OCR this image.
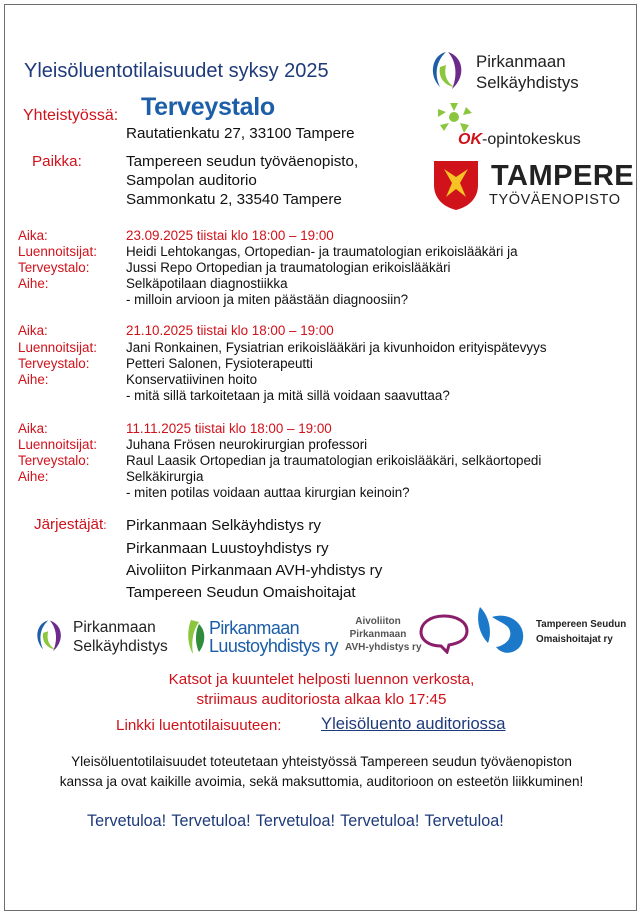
Yleisöluentotilaisuudet syksy 2025	Pirkanmaan
Selkäyhdistys
Yhteistyössä: Terveystalo
Rautatienkatu 27, 33100 Tampere	OK-opintokeskus
TAMPERE
TYÖVÄENOPISTO
Paikka:	Tampereen seudun työväenopisto,
Sampolan auditorio
Sammonkatu 2, 33540 Tampere
Aika:	23.09.2025 tiistai klo 18:00 – 19:00
Luennoitsijat: Heidi Lehtokangas, Ortopedian- ja traumatologian erikoislääkäri ja
Terveystalo:	Jussi Repo Ortopedian ja traumatologian erikoislääkäri
Aihe:	Selkäpotilaan diagnostiikka
- milloin arvioon ja miten päästään diagnoosiin?
Aika:	21.10.2025 tiistai klo 18:00 – 19:00
Luennoitsijat: Jani Ronkainen, Fysiatrian erikoislääkäri ja kivunhoidon erityispätevyys
Terveystalo:	Petteri Salonen, Fysioterapeutti
Aihe:	Konservatiivinen hoito
- mitä sillä tarkoitetaan ja mitä sillä voidaan saavuttaa?
Aika:	11.11.2025 tiistai klo 18:00 – 19:00
Luennoitsijat: Juhana Frösen neurokirurgian professori
Terveystalo:	Raul Laasik Ortopedian ja traumatologian erikoislääkäri, selkäortopedi
Aihe:	Selkäkirurgia
- miten potilas voidaan auttaa kirurgian keinoin?
Järjestäjät: Pirkanmaan Selkäyhdistys ry
Pirkanmaan Luustoyhdistys ry
Aivoliiton Pirkanmaan AVH-yhdistys ry
Tampereen Seudun Omaishoitajat
Pirkanmaan
Selkäyhdistys
Pirkanmaan
Luustoyhdistys ry
Aivoliiton
Pirkanmaan
AVH-yhdistys ry
Tampereen Seudun
Omaishoitajat ry
Katsot ja kuuntelet helposti luennon verkosta,
striimaus auditoriosta alkaa klo 17:45
Linkki luentotilaisuuteen: Yleisöluento auditoriossa
Yleisöluentotilaisuudet toteutetaan yhteistyössä Tampereen seudun työväenopiston
kanssa ja ovat kaikille avoimia, sekä maksuttomia, auditorioon on esteetön liikkuminen!
Tervetuloa! Tervetuloa! Tervetuloa! Tervetuloa! Tervetuloa!
